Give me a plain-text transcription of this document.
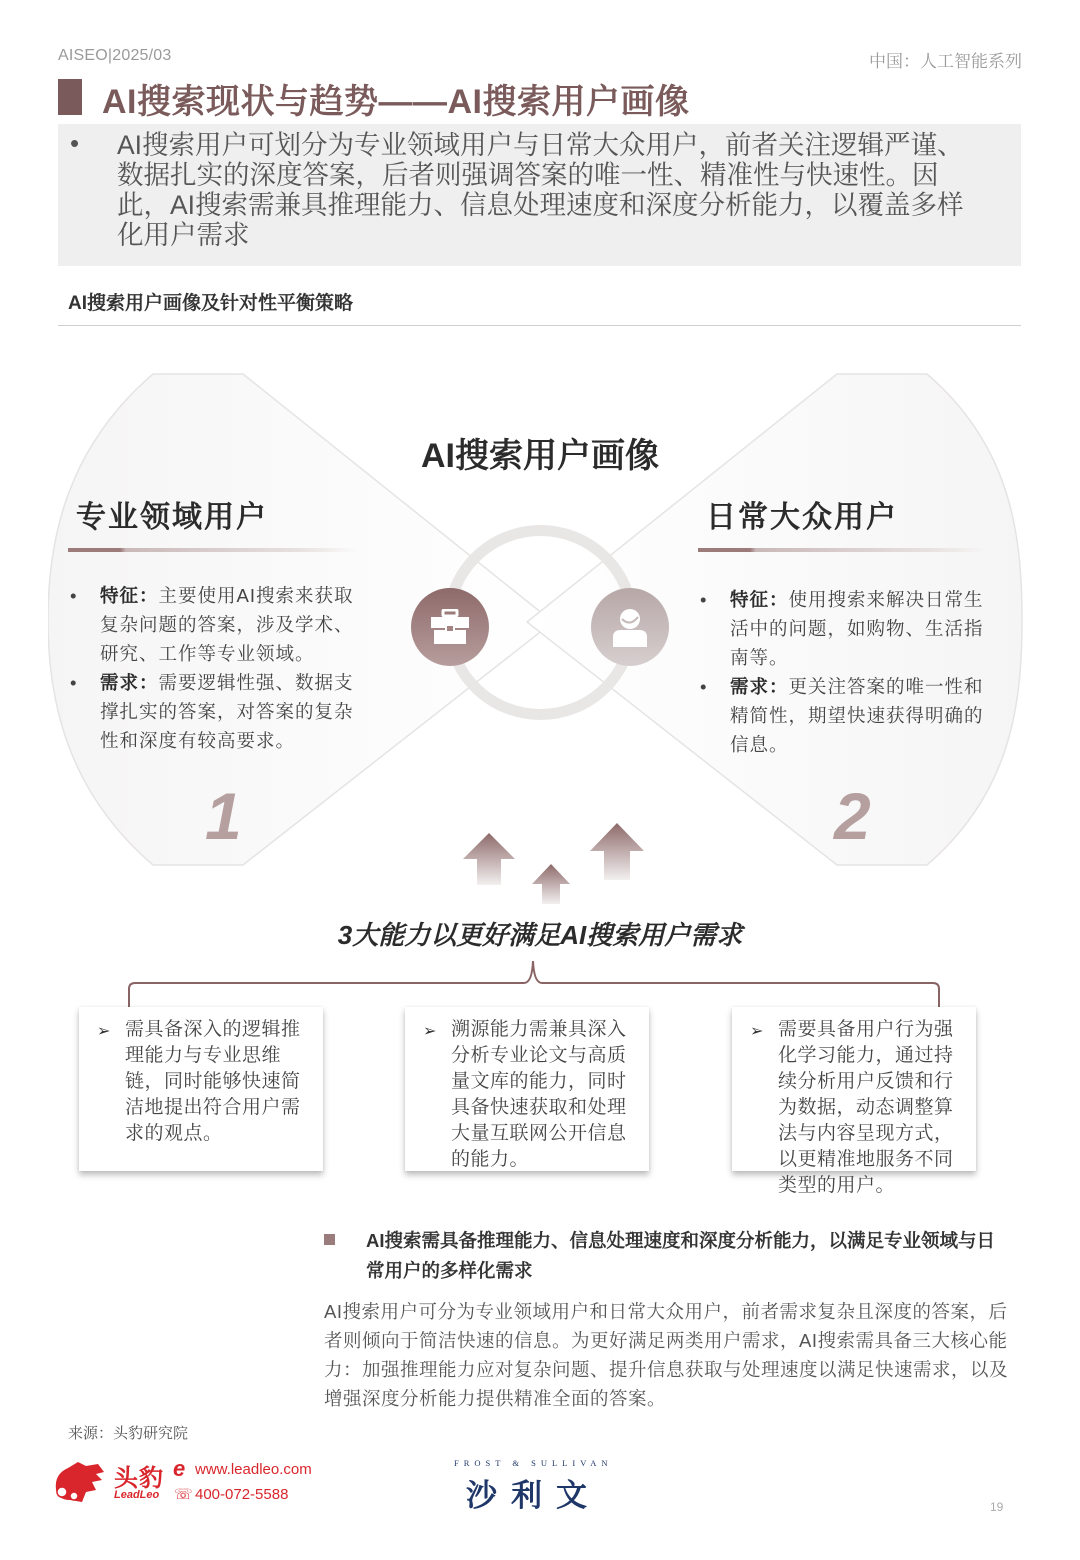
AISEO|2025/03	中国：人工智能系列
AI搜索现状与趋势——AI搜索用户画像
• AI搜索用户可划分为专业领域用户与日常大众用户，前者关注逻辑严谨、数据扎实的深度答案，后者则强调答案的唯一性、精准性与快速性。因此，AI搜索需兼具推理能力、信息处理速度和深度分析能力，以覆盖多样化用户需求
AI搜索用户画像及针对性平衡策略
AI搜索用户画像
专业领域用户
• 特征：主要使用AI搜索来获取复杂问题的答案，涉及学术、研究、工作等专业领域。
• 需求：需要逻辑性强、数据支撑扎实的答案，对答案的复杂性和深度有较高要求。
1
日常大众用户
• 特征：使用搜索来解决日常生活中的问题，如购物、生活指南等。
• 需求：更关注答案的唯一性和精简性，期望快速获得明确的信息。
2
3大能力以更好满足AI搜索用户需求
➢ 需具备深入的逻辑推理能力与专业思维链，同时能够快速简洁地提出符合用户需求的观点。
➢ 溯源能力需兼具深入分析专业论文与高质量文库的能力，同时具备快速获取和处理大量互联网公开信息的能力。
➢ 需要具备用户行为强化学习能力，通过持续分析用户反馈和行为数据，动态调整算法与内容呈现方式，以更精准地服务不同类型的用户。
AI搜索需具备推理能力、信息处理速度和深度分析能力，以满足专业领域与日常用户的多样化需求
AI搜索用户可分为专业领域用户和日常大众用户，前者需求复杂且深度的答案，后者则倾向于简洁快速的信息。为更好满足两类用户需求，AI搜索需具备三大核心能力：加强推理能力应对复杂问题、提升信息获取与处理速度以满足快速需求，以及增强深度分析能力提供精准全面的答案。
来源：头豹研究院
头豹
LeadLeo
e www.leadleo.com
☏ 400-072-5588
FROST & SULLIVAN
沙利文	19
